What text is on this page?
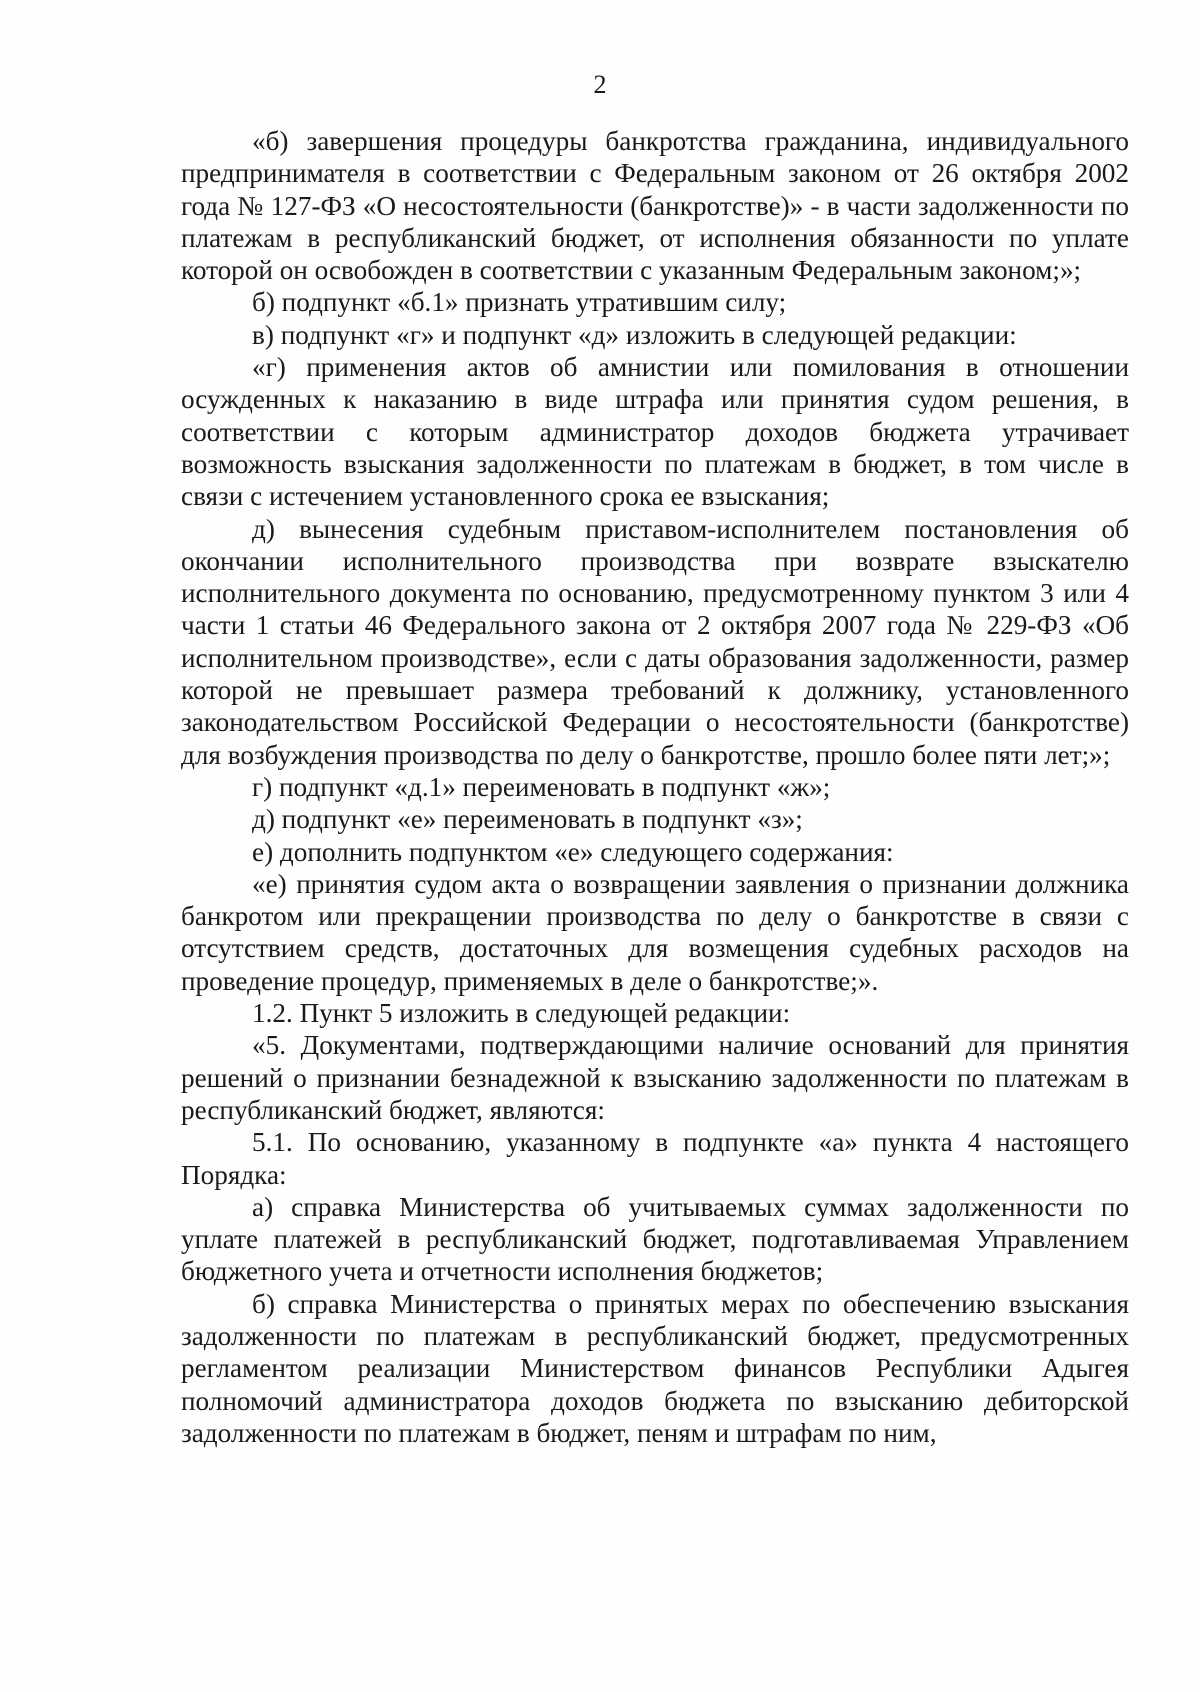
2

«б) завершения процедуры банкротства гражданина, индивидуального предпринимателя в соответствии с Федеральным законом от 26 октября 2002 года № 127-ФЗ «О несостоятельности (банкротстве)» - в части задолженности по платежам в республиканский бюджет, от исполнения обязанности по уплате которой он освобожден в соответствии с указанным Федеральным законом;»;

б) подпункт «б.1» признать утратившим силу;

в) подпункт «г» и подпункт «д» изложить в следующей редакции:

«г) применения актов об амнистии или помилования в отношении осужденных к наказанию в виде штрафа или принятия судом решения, в соответствии с которым администратор доходов бюджета утрачивает возможность взыскания задолженности по платежам в бюджет, в том числе в связи с истечением установленного срока ее взыскания;

д) вынесения судебным приставом-исполнителем постановления об окончании исполнительного производства при возврате взыскателю исполнительного документа по основанию, предусмотренному пунктом 3 или 4 части 1 статьи 46 Федерального закона от 2 октября 2007 года № 229-ФЗ «Об исполнительном производстве», если с даты образования задолженности, размер которой не превышает размера требований к должнику, установленного законодательством Российской Федерации о несостоятельности (банкротстве) для возбуждения производства по делу о банкротстве, прошло более пяти лет;»;

г) подпункт «д.1» переименовать в подпункт «ж»;

д) подпункт «е» переименовать в подпункт «з»;

е) дополнить подпунктом «е» следующего содержания:

«е) принятия судом акта о возвращении заявления о признании должника банкротом или прекращении производства по делу о банкротстве в связи с отсутствием средств, достаточных для возмещения судебных расходов на проведение процедур, применяемых в деле о банкротстве;».

1.2. Пункт 5 изложить в следующей редакции:

«5. Документами, подтверждающими наличие оснований для принятия решений о признании безнадежной к взысканию задолженности по платежам в республиканский бюджет, являются:

5.1. По основанию, указанному в подпункте «а» пункта 4 настоящего Порядка:

а) справка Министерства об учитываемых суммах задолженности по уплате платежей в республиканский бюджет, подготавливаемая Управлением бюджетного учета и отчетности исполнения бюджетов;

б) справка Министерства о принятых мерах по обеспечению взыскания задолженности по платежам в республиканский бюджет, предусмотренных регламентом реализации Министерством финансов Республики Адыгея полномочий администратора доходов бюджета по взысканию дебиторской задолженности по платежам в бюджет, пеням и штрафам по ним,
